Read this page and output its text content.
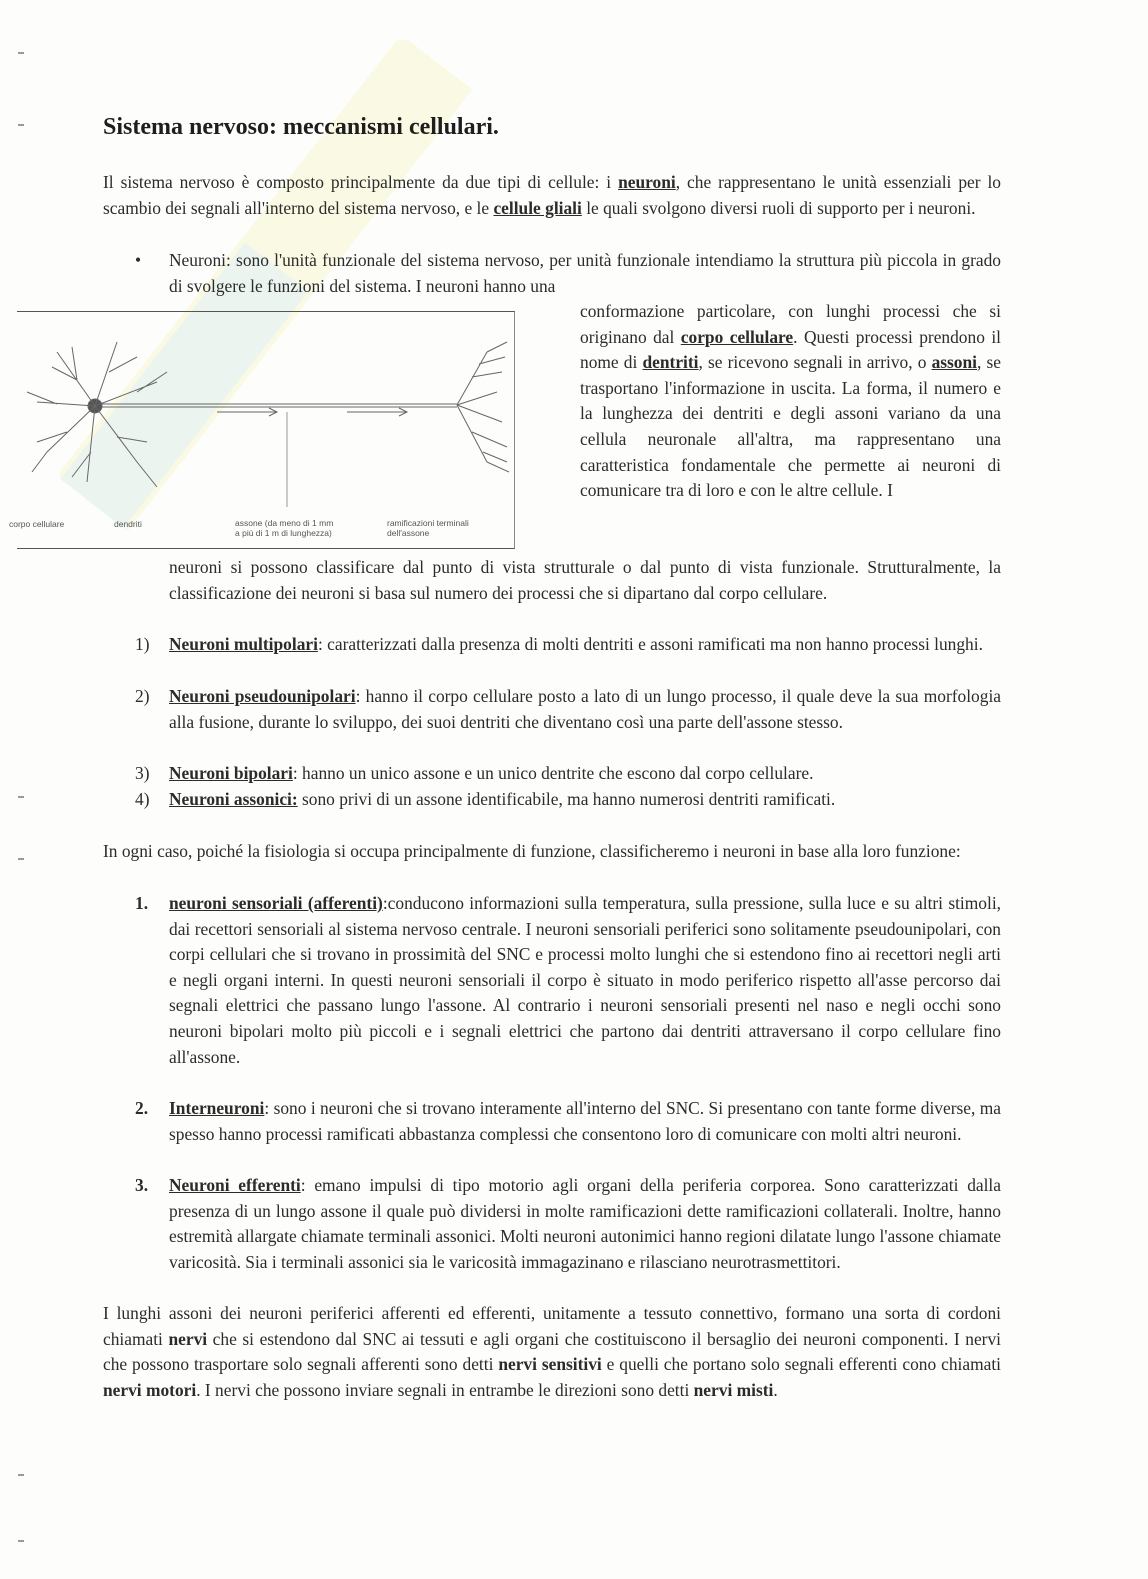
Sistema nervoso: meccanismi cellulari.
Il sistema nervoso è composto principalmente da due tipi di cellule: i neuroni, che rappresentano le unità essenziali per lo scambio dei segnali all'interno del sistema nervoso, e le cellule gliali le quali svolgono diversi ruoli di supporto per i neuroni.
•	Neuroni: sono l'unità funzionale del sistema nervoso, per unità funzionale intendiamo la struttura più piccola in grado di svolgere le funzioni del sistema. I neuroni hanno una
corpo cellulare	dendriti	assone (da meno di 1 mm
a più di 1 m di lunghezza)
ramificazioni terminali
dell'assone
conformazione particolare, con lunghi processi che si originano dal corpo cellulare. Questi processi prendono il nome di dentriti, se ricevono segnali in arrivo, o assoni, se trasportano l'informazione in uscita. La forma, il numero e la lunghezza dei dentriti e degli assoni variano da una cellula neuronale all'altra, ma rappresentano una caratteristica fondamentale che permette ai neuroni di comunicare tra di loro e con le altre cellule. I
neuroni si possono classificare dal punto di vista strutturale o dal punto di vista funzionale. Strutturalmente, la classificazione dei neuroni si basa sul numero dei processi che si dipartano dal corpo cellulare.
1)	Neuroni multipolari: caratterizzati dalla presenza di molti dentriti e assoni ramificati ma non hanno processi lunghi.
2)	Neuroni pseudounipolari: hanno il corpo cellulare posto a lato di un lungo processo, il quale deve la sua morfologia alla fusione, durante lo sviluppo, dei suoi dentriti che diventano così una parte dell'assone stesso.
3)	Neuroni bipolari: hanno un unico assone e un unico dentrite che escono dal corpo cellulare.
4)	Neuroni assonici: sono privi di un assone identificabile, ma hanno numerosi dentriti ramificati.
In ogni caso, poiché la fisiologia si occupa principalmente di funzione, classificheremo i neuroni in base alla loro funzione:
1.	neuroni sensoriali (afferenti):conducono informazioni sulla temperatura, sulla pressione, sulla luce e su altri stimoli, dai recettori sensoriali al sistema nervoso centrale. I neuroni sensoriali periferici sono solitamente pseudounipolari, con corpi cellulari che si trovano in prossimità del SNC e processi molto lunghi che si estendono fino ai recettori negli arti e negli organi interni. In questi neuroni sensoriali il corpo è situato in modo periferico rispetto all'asse percorso dai segnali elettrici che passano lungo l'assone. Al contrario i neuroni sensoriali presenti nel naso e negli occhi sono neuroni bipolari molto più piccoli e i segnali elettrici che partono dai dentriti attraversano il corpo cellulare fino all'assone.
2.	Interneuroni: sono i neuroni che si trovano interamente all'interno del SNC. Si presentano con tante forme diverse, ma spesso hanno processi ramificati abbastanza complessi che consentono loro di comunicare con molti altri neuroni.
3.	Neuroni efferenti: emano impulsi di tipo motorio agli organi della periferia corporea. Sono caratterizzati dalla presenza di un lungo assone il quale può dividersi in molte ramificazioni dette ramificazioni collaterali. Inoltre, hanno estremità allargate chiamate terminali assonici. Molti neuroni autonimici hanno regioni dilatate lungo l'assone chiamate varicosità. Sia i terminali assonici sia le varicosità immagazinano e rilasciano neurotrasmettitori.
I lunghi assoni dei neuroni periferici afferenti ed efferenti, unitamente a tessuto connettivo, formano una sorta di cordoni chiamati nervi che si estendono dal SNC ai tessuti e agli organi che costituiscono il bersaglio dei neuroni componenti. I nervi che possono trasportare solo segnali afferenti sono detti nervi sensitivi e quelli che portano solo segnali efferenti cono chiamati nervi motori. I nervi che possono inviare segnali in entrambe le direzioni sono detti nervi misti.
